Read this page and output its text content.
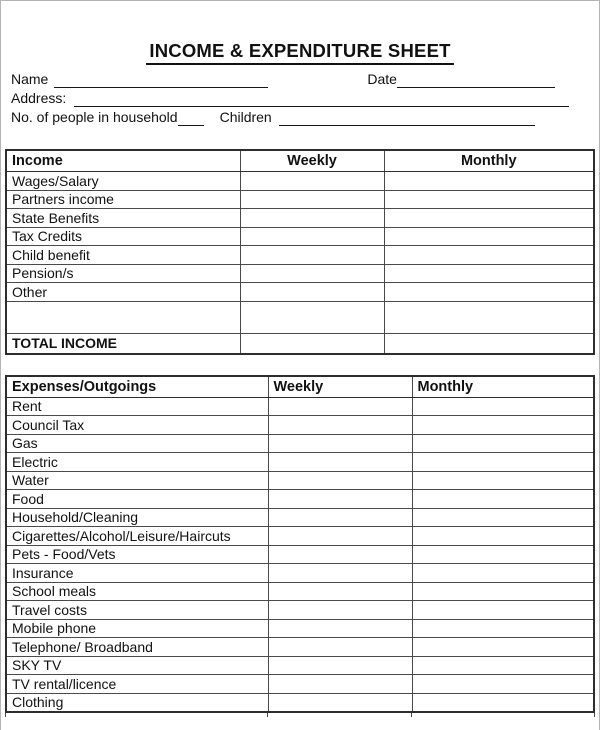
INCOME & EXPENDITURE SHEET
Name	Date
Address:
No. of people in household	Children
Income	Weekly	Monthly
Wages/Salary		
Partners income		
State Benefits		
Tax Credits		
Child benefit		
Pension/s		
Other		

TOTAL INCOME		
Expenses/Outgoings	Weekly	Monthly
Rent		
Council Tax		
Gas		
Electric		
Water		
Food		
Household/Cleaning		
Cigarettes/Alcohol/Leisure/Haircuts		
Pets - Food/Vets		
Insurance		
School meals		
Travel costs		
Mobile phone		
Telephone/ Broadband		
SKY TV		
TV rental/licence		
Clothing		
